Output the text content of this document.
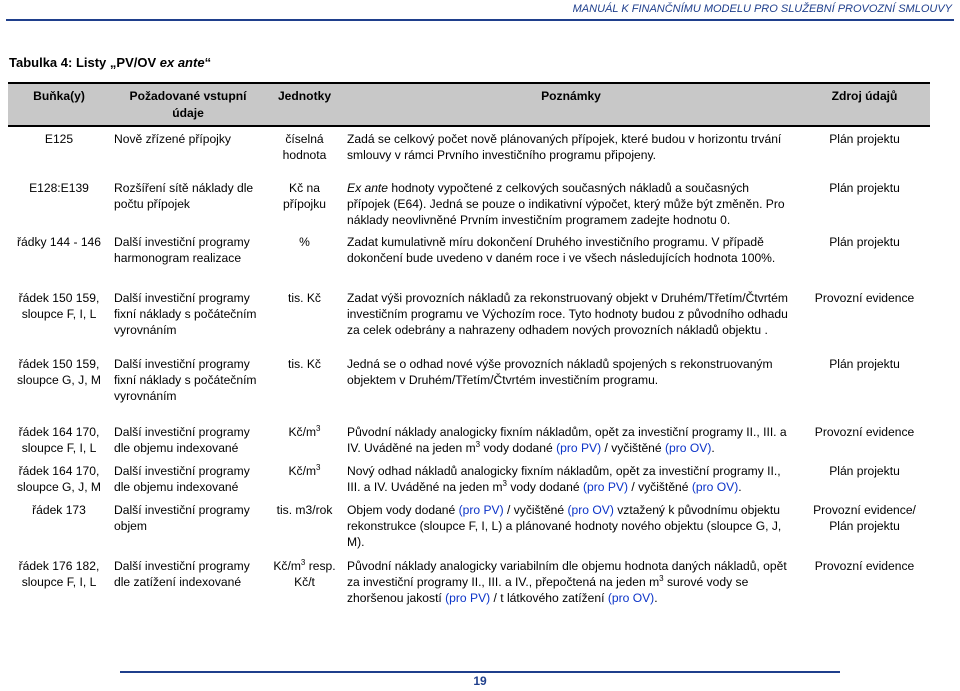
MANUÁL K FINANČNÍMU MODELU PRO SLUŽEBNÍ PROVOZNÍ SMLOUVY
Tabulka 4: Listy „PV/OV ex ante“
Buňka(y)	Požadované vstupní údaje	Jednotky	Poznámky	Zdroj údajů
E125	Nově zřízené přípojky	číselná hodnota	Zadá se celkový počet nově plánovaných přípojek, které budou v horizontu trvání smlouvy v rámci Prvního investičního programu připojeny.	Plán projektu
E128:E139	Rozšíření sítě náklady dle počtu přípojek	Kč na přípojku	Ex ante hodnoty vypočtené z celkových současných nákladů a současných přípojek (E64). Jedná se pouze o indikativní výpočet, který může být změněn. Pro náklady neovlivněné Prvním investičním programem zadejte hodnotu 0.	Plán projektu
řádky 144 - 146	Další investiční programy harmonogram realizace	%	Zadat kumulativně míru dokončení Druhého investičního programu. V případě dokončení bude uvedeno v daném roce i ve všech následujících hodnota 100%.	Plán projektu
řádek 150 159, sloupce F, I, L	Další investiční programy fixní náklady s počátečním vyrovnáním	tis. Kč	Zadat výši provozních nákladů za rekonstruovaný objekt v Druhém/Třetím/Čtvrtém investičním programu ve Výchozím roce. Tyto hodnoty budou z původního odhadu za celek odebrány a nahrazeny odhadem nových provozních nákladů objektu .	Provozní evidence
řádek 150 159, sloupce G, J, M	Další investiční programy fixní náklady s počátečním vyrovnáním	tis. Kč	Jedná se o odhad nové výše provozních nákladů spojených s rekonstruovaným objektem v Druhém/Třetím/Čtvrtém investičním programu.	Plán projektu
řádek 164 170, sloupce F, I, L	Další investiční programy dle objemu indexované	$Kč/m^3$	Původní náklady analogicky fixním nákladům, opět za investiční programy II., III. a IV. Uváděné na jeden $m^3$ vody dodané (pro PV) / vyčištěné (pro OV).	Provozní evidence
řádek 164 170, sloupce G, J, M	Další investiční programy dle objemu indexované	$Kč/m^3$	Nový odhad nákladů analogicky fixním nákladům, opět za investiční programy II., III. a IV. Uváděné na jeden $m^3$ vody dodané (pro PV) / vyčištěné (pro OV).	Plán projektu
řádek 173	Další investiční programy objem	tis. m3/rok	Objem vody dodané (pro PV) / vyčištěné (pro OV) vztažený k původnímu objektu rekonstrukce (sloupce F, I, L) a plánované hodnoty nového objektu (sloupce G, J, M).	Provozní evidence/ Plán projektu
řádek 176 182, sloupce F, I, L	Další investiční programy dle zatížení indexované	$Kč/m^3$ resp. Kč/t	Původní náklady analogicky variabilním dle objemu hodnota daných nákladů, opět za investiční programy II., III. a IV., přepočtená na jeden $m^3$ surové vody se zhoršenou jakostí (pro PV) / t látkového zatížení (pro OV).	Provozní evidence
19
